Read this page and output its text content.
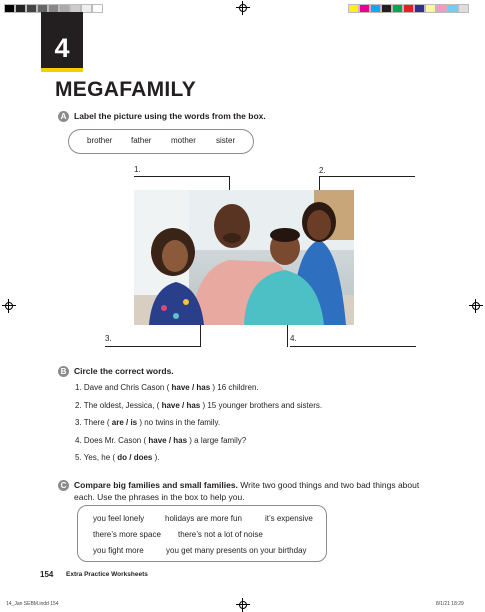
4
MEGAFAMILY
A Label the picture using the words from the box.
brother father mother	sister
1.	2.
3.	4.
B Circle the correct words.
1. Dave and Chris Cason ( have / has ) 16 children.
2. The oldest, Jessica, ( have / has ) 15 younger brothers and sisters.
3. There ( are / is ) no twins in the family.
4. Does Mr. Cason ( have / has ) a large family?
5. Yes, he ( do / does ).
C Compare big families and small families. Write two good things and two bad things about
each. Use the phrases in the box to help you.
you feel lonely	holidays are more fun	it’s expensive
there’s more space there’s not a lot of noise
you fight more	you get many presents on your birthday
154 Extra Practice Worksheets
14_Jan SEBM.indd 154	8/1/21 18:29
